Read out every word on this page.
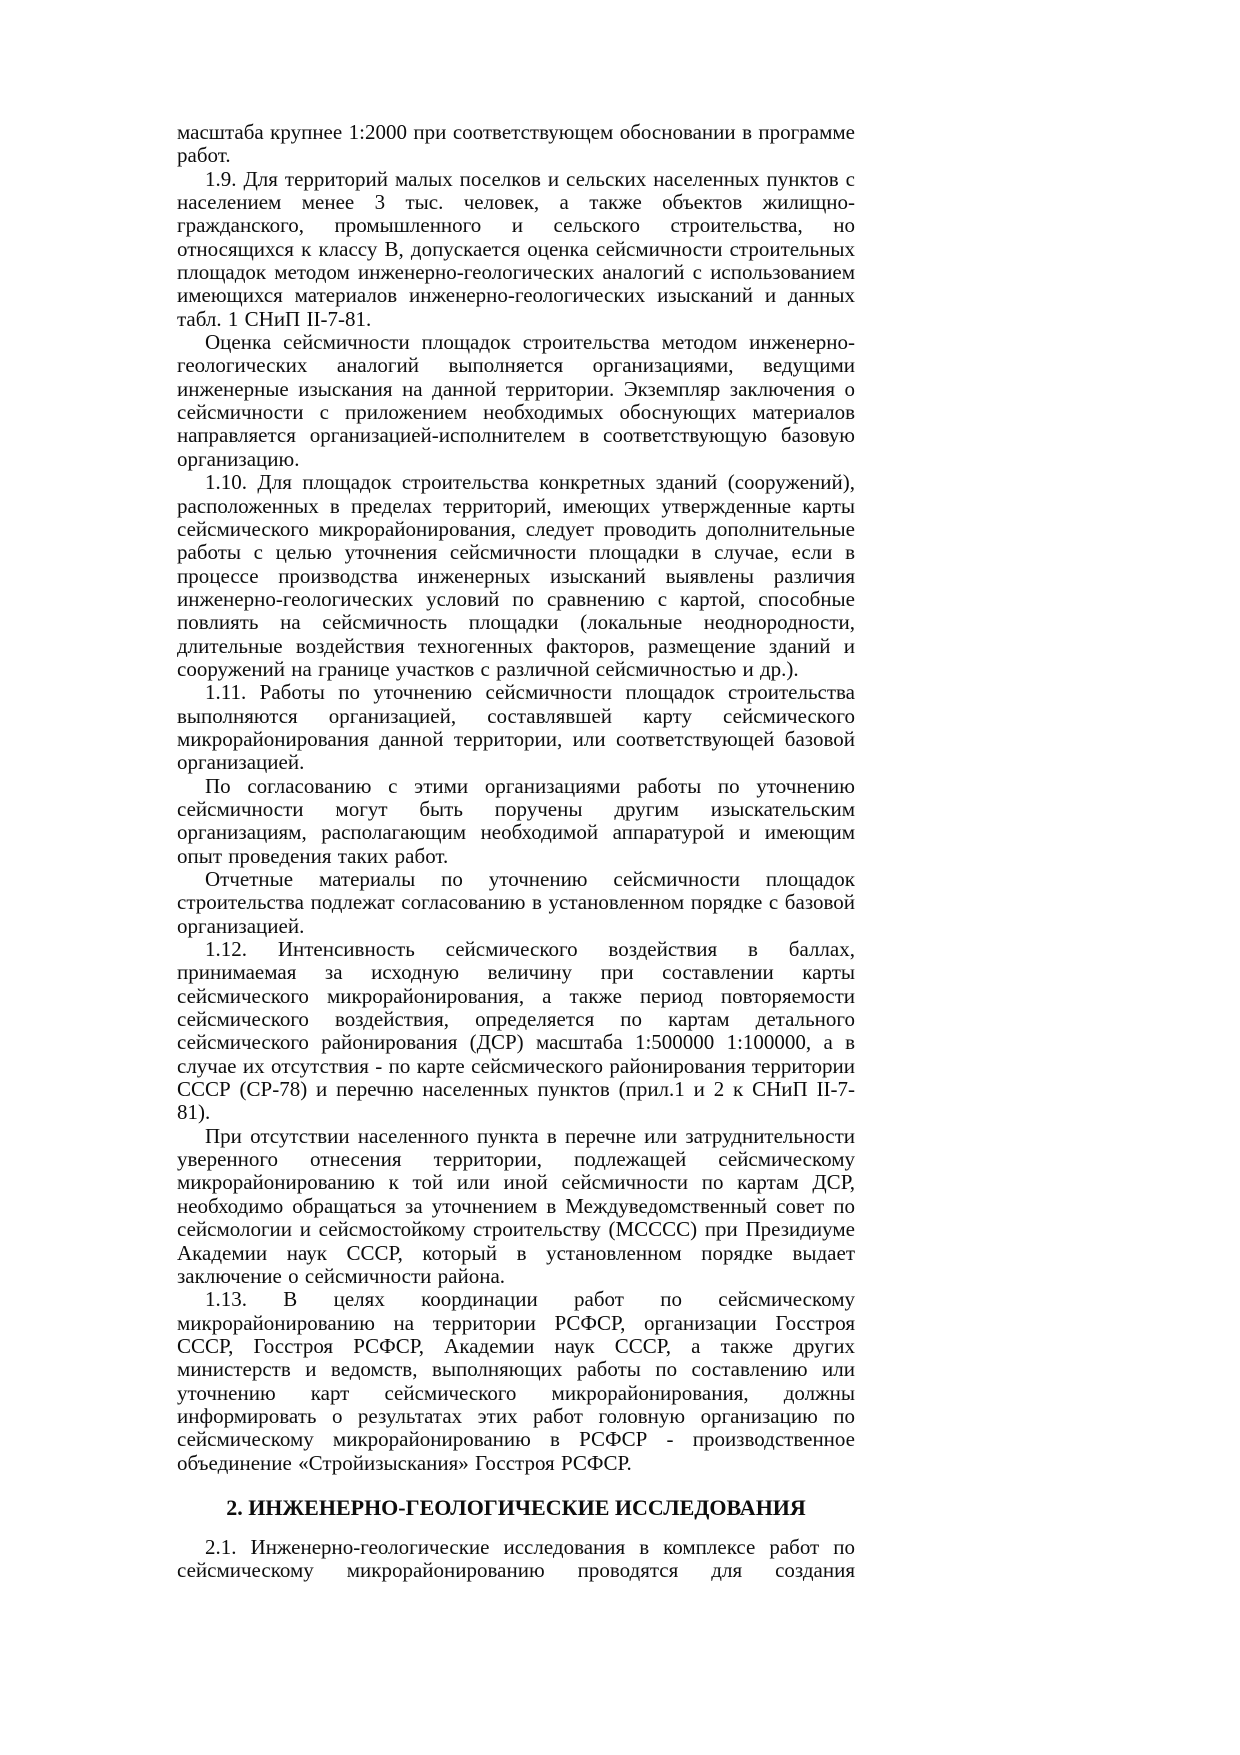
масштаба крупнее 1:2000 при соответствующем обосновании в программе работ.

1.9. Для территорий малых поселков и сельских населенных пунктов с населением менее 3 тыс. человек, а также объектов жилищно-гражданского, промышленного и сельского строительства, но относящихся к классу В, допускается оценка сейсмичности строительных площадок методом инженерно-геологических аналогий с использованием имеющихся материалов инженерно-геологических изысканий и данных табл. 1 СНиП II-7-81.

Оценка сейсмичности площадок строительства методом инженерно-геологических аналогий выполняется организациями, ведущими инженерные изыскания на данной территории. Экземпляр заключения о сейсмичности с приложением необходимых обоснующих материалов направляется организацией-исполнителем в соответствующую базовую организацию.

1.10. Для площадок строительства конкретных зданий (сооружений), расположенных в пределах территорий, имеющих утвержденные карты сейсмического микрорайонирования, следует проводить дополнительные работы с целью уточнения сейсмичности площадки в случае, если в процессе производства инженерных изысканий выявлены различия инженерно-геологических условий по сравнению с картой, способные повлиять на сейсмичность площадки (локальные неоднородности, длительные воздействия техногенных факторов, размещение зданий и сооружений на границе участков с различной сейсмичностью и др.).

1.11. Работы по уточнению сейсмичности площадок строительства выполняются организацией, составлявшей карту сейсмического микрорайонирования данной территории, или соответствующей базовой организацией.

По согласованию с этими организациями работы по уточнению сейсмичности могут быть поручены другим изыскательским организациям, располагающим необходимой аппаратурой и имеющим опыт проведения таких работ.

Отчетные материалы по уточнению сейсмичности площадок строительства подлежат согласованию в установленном порядке с базовой организацией.

1.12. Интенсивность сейсмического воздействия в баллах, принимаемая за исходную величину при составлении карты сейсмического микрорайонирования, а также период повторяемости сейсмического воздействия, определяется по картам детального сейсмического районирования (ДСР) масштаба 1:500000 1:100000, а в случае их отсутствия - по карте сейсмического районирования территории СССР (СР-78) и перечню населенных пунктов (прил.1 и 2 к СНиП II-7-81).

При отсутствии населенного пункта в перечне или затруднительности уверенного отнесения территории, подлежащей сейсмическому микрорайонированию к той или иной сейсмичности по картам ДСР, необходимо обращаться за уточнением в Междуведомственный совет по сейсмологии и сейсмостойкому строительству (МСССС) при Президиуме Академии наук СССР, который в установленном порядке выдает заключение о сейсмичности района.

1.13. В целях координации работ по сейсмическому микрорайонированию на территории РСФСР, организации Госстроя СССР, Госстроя РСФСР, Академии наук СССР, а также других министерств и ведомств, выполняющих работы по составлению или уточнению карт сейсмического микрорайонирования, должны информировать о результатах этих работ головную организацию по сейсмическому микрорайонированию в РСФСР - производственное объединение «Стройизыскания» Госстроя РСФСР.

2. ИНЖЕНЕРНО-ГЕОЛОГИЧЕСКИЕ ИССЛЕДОВАНИЯ

2.1. Инженерно-геологические исследования в комплексе работ по сейсмическому микрорайонированию проводятся для создания
